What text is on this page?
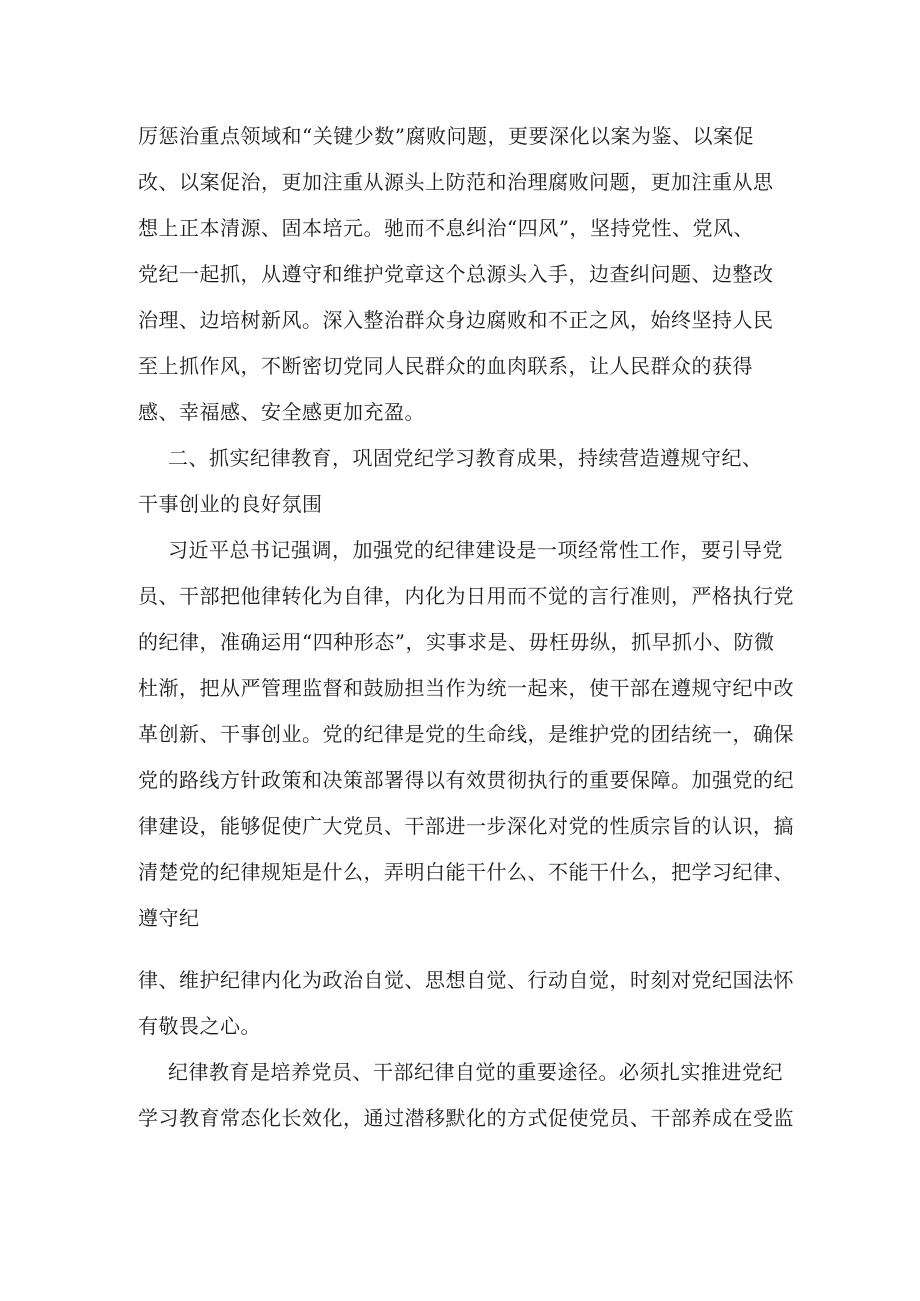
厉惩治重点领域和“关键少数”腐败问题，更要深化以案为鉴、以案促
改、以案促治，更加注重从源头上防范和治理腐败问题，更加注重从思
想上正本清源、固本培元。驰而不息纠治“四风”，坚持党性、党风、
党纪一起抓，从遵守和维护党章这个总源头入手，边查纠问题、边整改
治理、边培树新风。深入整治群众身边腐败和不正之风，始终坚持人民
至上抓作风，不断密切党同人民群众的血肉联系，让人民群众的获得
感、幸福感、安全感更加充盈。
二、抓实纪律教育，巩固党纪学习教育成果，持续营造遵规守纪、
干事创业的良好氛围
习近平总书记强调，加强党的纪律建设是一项经常性工作，要引导党
员、干部把他律转化为自律，内化为日用而不觉的言行准则，严格执行党
的纪律，准确运用“四种形态”，实事求是、毋枉毋纵，抓早抓小、防微
杜渐，把从严管理监督和鼓励担当作为统一起来，使干部在遵规守纪中改
革创新、干事创业。党的纪律是党的生命线，是维护党的团结统一，确保
党的路线方针政策和决策部署得以有效贯彻执行的重要保障。加强党的纪
律建设，能够促使广大党员、干部进一步深化对党的性质宗旨的认识，搞
清楚党的纪律规矩是什么，弄明白能干什么、不能干什么，把学习纪律、
遵守纪
律、维护纪律内化为政治自觉、思想自觉、行动自觉，时刻对党纪国法怀
有敬畏之心。
纪律教育是培养党员、干部纪律自觉的重要途径。必须扎实推进党纪
学习教育常态化长效化，通过潜移默化的方式促使党员、干部养成在受监
